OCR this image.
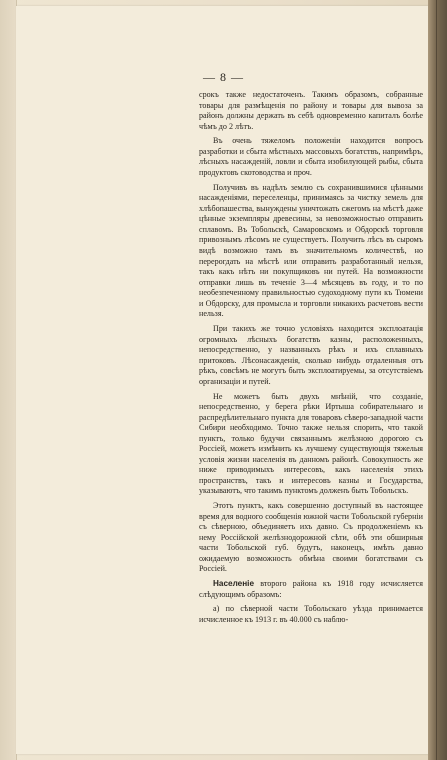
— 8 —

срокъ также недостаточенъ. Такимъ образомъ, собранные товары для размѣщенія по району и товары для вывоза за районъ должны держать въ себѣ одновременно капиталъ болѣе чѣмъ до 2 лѣтъ.

Въ очень тяжеломъ положеніи находится вопросъ разработки и сбыта мѣстныхъ массовыхъ богатствъ, напримѣръ, лѣсныхъ насажденій, ловли и сбыта изобилующей рыбы, сбыта продуктовъ скотоводства и проч.

Получивъ въ надѣлъ землю съ сохранившимися цѣнными насажденіями, переселенцы, принимаясь за чистку земель для хлѣбопашества, вынуждены уничтожать сжегомъ на мѣстѣ даже цѣнные экземпляры древесины, за невозможностью отправить сплавомъ. Въ Тобольскѣ, Самаровскомъ и Обдорскѣ торговля привознымъ лѣсомъ не существуетъ. Получить лѣсъ въ сыромъ видѣ возможно тамъ въ значительномъ количествѣ, но перерогдать на мѣстѣ или отправить разработанный нельзя, такъ какъ нѣтъ ни покупщиковъ ни путей. На возможности отправки лишь въ теченіе 3—4 мѣсяцевъ въ году, и то по необезпеченному правильностью судоходному пути къ Тюмени и Обдорску, для промысла и торговли никакихъ расчетовъ вести нельзя.

При такихъ же точно условіяхъ находится эксплоатація огромныхъ лѣсныхъ богатствъ казны, расположенныхъ, непосредственно, у названныхъ рѣкъ и ихъ сплавныхъ притоковъ. Лѣсонасажденія, сколько нибудь отдаленныя отъ рѣкъ, совсѣмъ не могутъ быть эксплоатируемы, за отсутствіемъ организаціи и путей.

Не можетъ быть двухъ мнѣній, что созданіе, непосредственно, у берега рѣки Иртыша собирательнаго и распредѣлительнаго пункта для товаровъ сѣверо-западной части Сибири необходимо. Точно также нельзя спорить, что такой пунктъ, только будучи связаннымъ желѣзною дорогою съ Россіей, можетъ измѣнить къ лучшему существующія тяжелыя условія жизни населенія въ данномъ районѣ. Совокупность же ниже приводимыхъ интересовъ, какъ населенія этихъ пространствъ, такъ и интересовъ казны и Государства, указываютъ, что такимъ пунктомъ долженъ быть Тобольскъ.

Этотъ пунктъ, какъ совершенно доступный въ настоящее время для водного сообщенія южной части Тобольской губерніи съ сѣверною, объединяетъ ихъ давно. Съ продолженіемъ къ нему Россійской желѣзнодорожной сѣти, обѣ эти обширныя части Тобольской губ. будутъ, наконецъ, имѣть давно ожидаемую возможность обмѣна своими богатствами съ Россіей.

Населеніе второго района къ 1918 году исчисляется слѣдующимъ образомъ:

а) по сѣверной части Тобольскаго уѣзда принимается исчисленное къ 1913 г. въ 40.000 съ наблю-
